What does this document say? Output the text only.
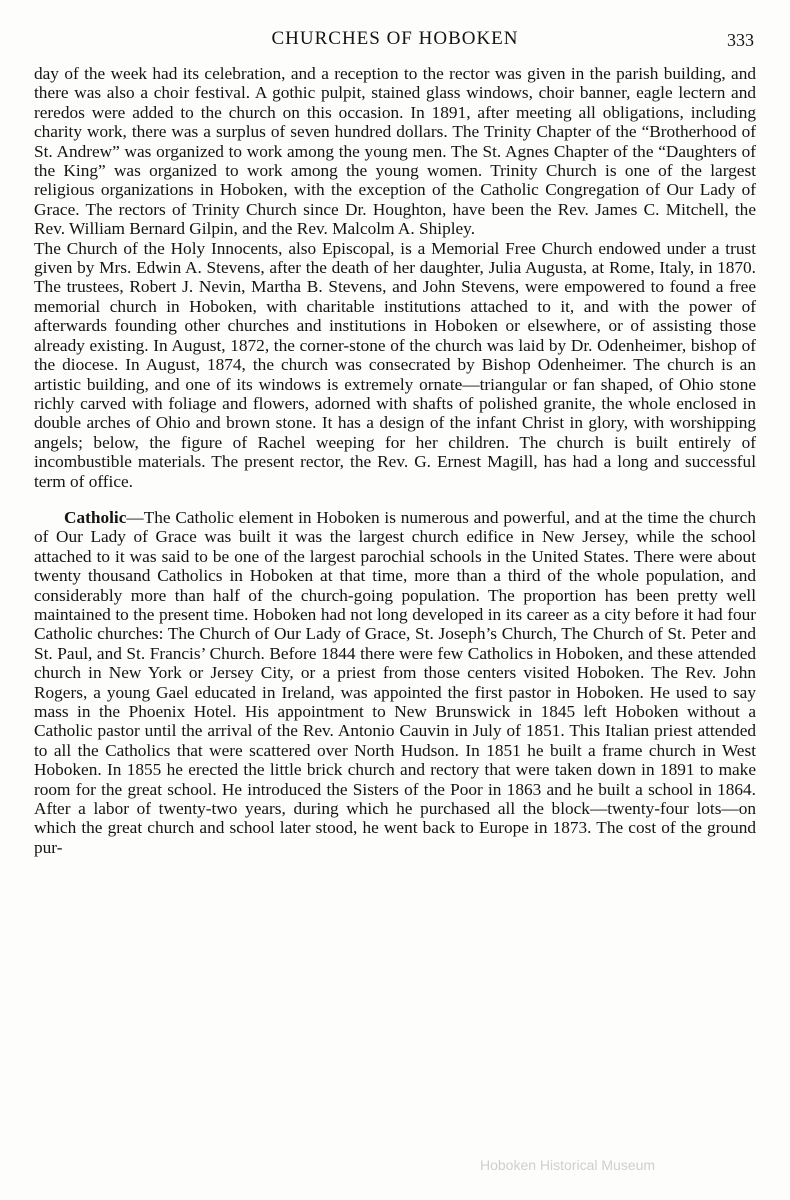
CHURCHES OF HOBOKEN	333

day of the week had its celebration, and a reception to the rector was given in the parish building, and there was also a choir festival. A gothic pulpit, stained glass windows, choir banner, eagle lectern and reredos were added to the church on this occasion. In 1891, after meeting all obligations, including charity work, there was a surplus of seven hundred dollars. The Trinity Chapter of the “Brotherhood of St. Andrew” was organized to work among the young men. The St. Agnes Chapter of the “Daughters of the King” was organized to work among the young women. Trinity Church is one of the largest religious organizations in Hoboken, with the exception of the Catholic Congregation of Our Lady of Grace. The rectors of Trinity Church since Dr. Houghton, have been the Rev. James C. Mitchell, the Rev. William Bernard Gilpin, and the Rev. Malcolm A. Shipley.

The Church of the Holy Innocents, also Episcopal, is a Memorial Free Church endowed under a trust given by Mrs. Edwin A. Stevens, after the death of her daughter, Julia Augusta, at Rome, Italy, in 1870. The trustees, Robert J. Nevin, Martha B. Stevens, and John Stevens, were empowered to found a free memorial church in Hoboken, with charitable institutions attached to it, and with the power of afterwards founding other churches and institutions in Hoboken or elsewhere, or of assisting those already existing. In August, 1872, the corner-stone of the church was laid by Dr. Odenheimer, bishop of the diocese. In August, 1874, the church was consecrated by Bishop Odenheimer. The church is an artistic building, and one of its windows is extremely ornate—triangular or fan shaped, of Ohio stone richly carved with foliage and flowers, adorned with shafts of polished granite, the whole enclosed in double arches of Ohio and brown stone. It has a design of the infant Christ in glory, with worshipping angels; below, the figure of Rachel weeping for her children. The church is built entirely of incombustible materials. The present rector, the Rev. G. Ernest Magill, has had a long and successful term of office.

Catholic—The Catholic element in Hoboken is numerous and powerful, and at the time the church of Our Lady of Grace was built it was the largest church edifice in New Jersey, while the school attached to it was said to be one of the largest parochial schools in the United States. There were about twenty thousand Catholics in Hoboken at that time, more than a third of the whole population, and considerably more than half of the church-going population. The proportion has been pretty well maintained to the present time. Hoboken had not long developed in its career as a city before it had four Catholic churches: The Church of Our Lady of Grace, St. Joseph’s Church, The Church of St. Peter and St. Paul, and St. Francis’ Church. Before 1844 there were few Catholics in Hoboken, and these attended church in New York or Jersey City, or a priest from those centers visited Hoboken. The Rev. John Rogers, a young Gael educated in Ireland, was appointed the first pastor in Hoboken. He used to say mass in the Phoenix Hotel. His appointment to New Brunswick in 1845 left Hoboken without a Catholic pastor until the arrival of the Rev. Antonio Cauvin in July of 1851. This Italian priest attended to all the Catholics that were scattered over North Hudson. In 1851 he built a frame church in West Hoboken. In 1855 he erected the little brick church and rectory that were taken down in 1891 to make room for the great school. He introduced the Sisters of the Poor in 1863 and he built a school in 1864. After a labor of twenty-two years, during which he purchased all the block—twenty-four lots—on which the great church and school later stood, he went back to Europe in 1873. The cost of the ground pur-

Hoboken Historical Museum
